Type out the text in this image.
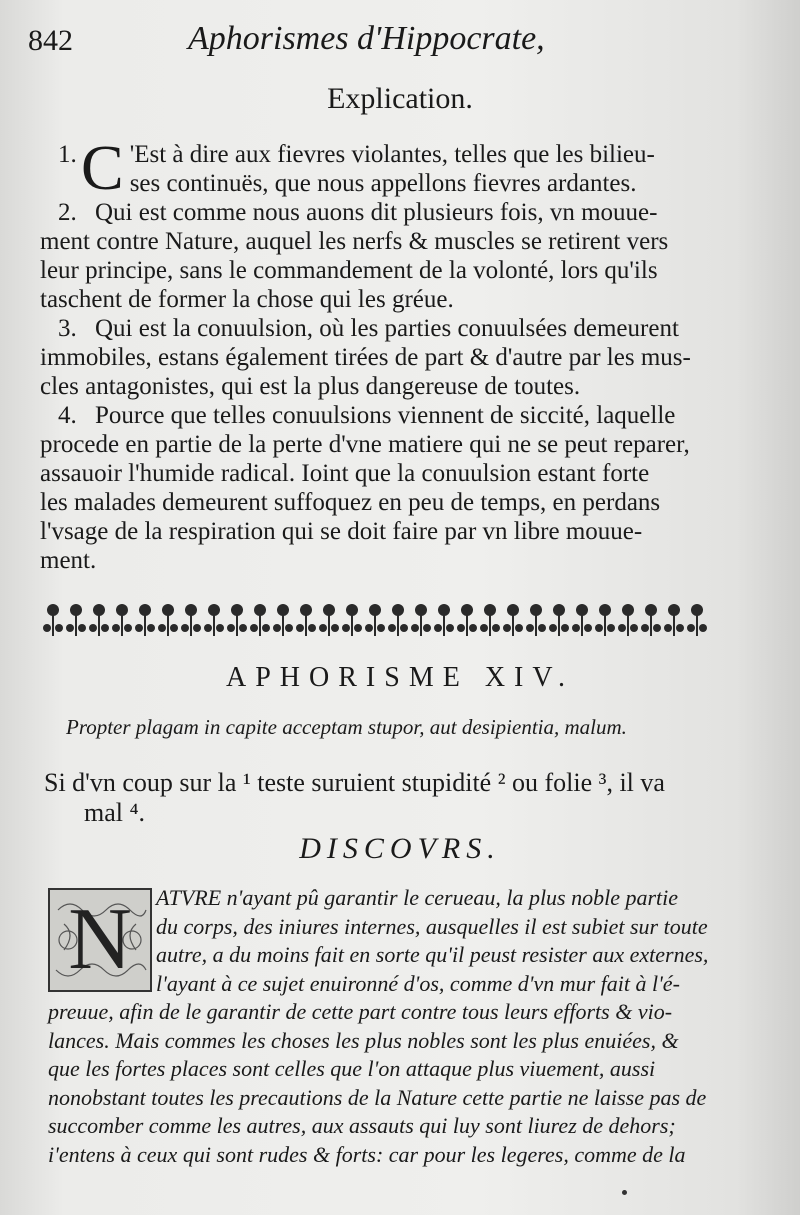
842	Aphorismes d'Hippocrate,
Explication.
1. C 'Est à dire aux fievres violantes, telles que les bilieu-
ses continuës, que nous appellons fievres ardantes.
2. Qui est comme nous auons dit plusieurs fois, vn mouue-
ment contre Nature, auquel les nerfs & muscles se retirent vers
leur principe, sans le commandement de la volonté, lors qu'ils
taschent de former la chose qui les gréue.
3. Qui est la conuulsion, où les parties conuulsées demeurent
immobiles, estans également tirées de part & d'autre par les mus-
cles antagonistes, qui est la plus dangereuse de toutes.
4. Pource que telles conuulsions viennent de siccité, laquelle
procede en partie de la perte d'vne matiere qui ne se peut reparer,
assauoir l'humide radical. Ioint que la conuulsion estant forte
les malades demeurent suffoquez en peu de temps, en perdans
l'vsage de la respiration qui se doit faire par vn libre mouue-
ment.
APHORISME XIV.
Propter plagam in capite acceptam stupor, aut desipientia, malum.
Si d'vn coup sur la ¹ teste suruient stupidité ² ou folie ³, il va
mal ⁴.
DISCOVRS.
N	ATVRE n'ayant pû garantir le cerueau, la plus noble partie
du corps, des iniures internes, ausquelles il est subiet sur toute
autre, a du moins fait en sorte qu'il peust resister aux externes,
l'ayant à ce sujet enuironné d'os, comme d'vn mur fait à l'é-
preuue, afin de le garantir de cette part contre tous leurs efforts & vio-
lances. Mais commes les choses les plus nobles sont les plus enuiées, &
que les fortes places sont celles que l'on attaque plus viuement, aussi
nonobstant toutes les precautions de la Nature cette partie ne laisse pas de
succomber comme les autres, aux assauts qui luy sont liurez de dehors;
i'entens à ceux qui sont rudes & forts: car pour les legeres, comme de la
